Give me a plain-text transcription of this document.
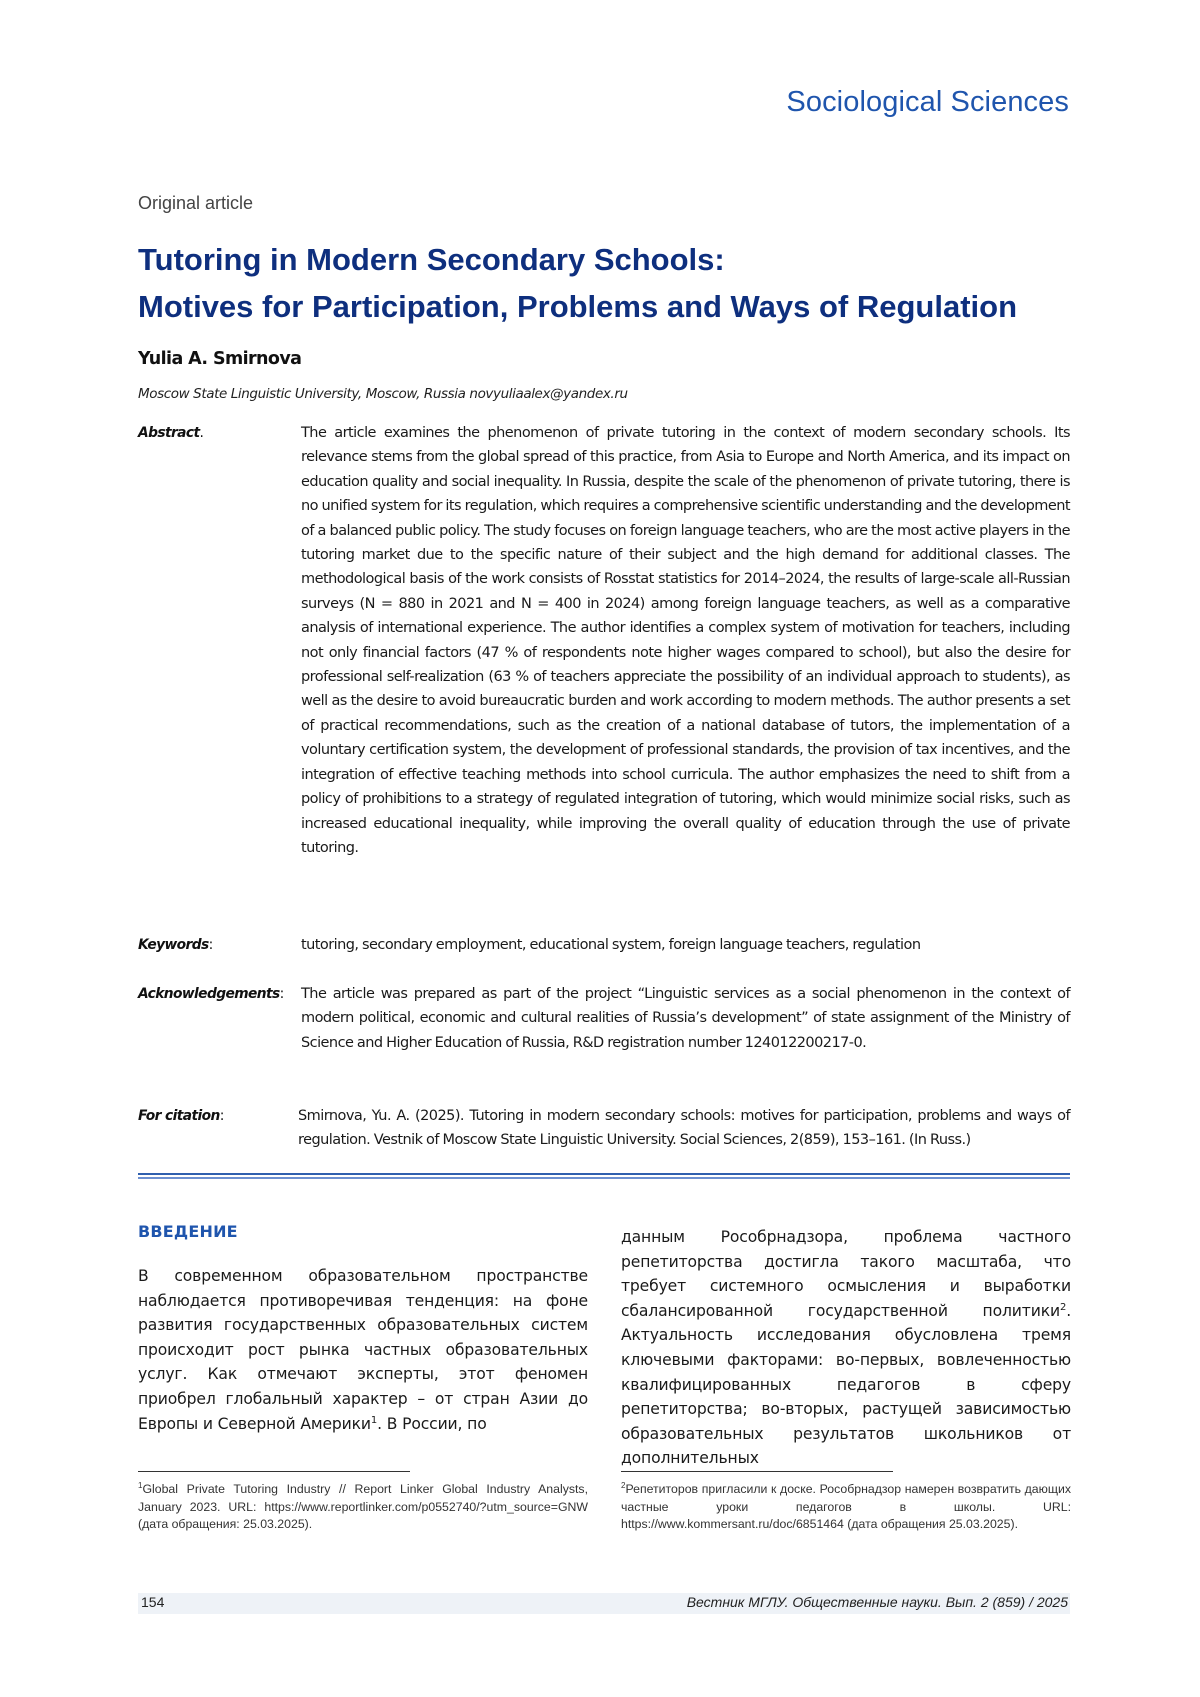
Sociological Sciences
Original article
Tutoring in Modern Secondary Schools:
Motives for Participation, Problems and Ways of Regulation
Yulia A. Smirnova
Moscow State Linguistic University, Moscow, Russia novyuliaalex@yandex.ru
Abstract.	The article examines the phenomenon of private tutoring in the context of modern secondary schools. Its relevance stems from the global spread of this practice, from Asia to Europe and North America, and its impact on education quality and social inequality. In Russia, despite the scale of the phenomenon of private tutoring, there is no unified system for its regulation, which requires a comprehensive scientific understanding and the development of a balanced public policy. The study focuses on foreign language teachers, who are the most active players in the tutoring market due to the specific nature of their subject and the high demand for additional classes. The methodological basis of the work consists of Rosstat statistics for 2014–2024, the results of large-scale all-Russian surveys (N = 880 in 2021 and N = 400 in 2024) among foreign language teachers, as well as a comparative analysis of international experience. The author identifies a complex system of motivation for teachers, including not only financial factors (47 % of respondents note higher wages compared to school), but also the desire for professional self-realization (63 % of teachers appreciate the possibility of an individual approach to students), as well as the desire to avoid bureaucratic burden and work according to modern methods. The author presents a set of practical recommendations, such as the creation of a national database of tutors, the implementation of a voluntary certification system, the development of professional standards, the provision of tax incentives, and the integration of effective teaching methods into school curricula. The author emphasizes the need to shift from a policy of prohibitions to a strategy of regulated integration of tutoring, which would minimize social risks, such as increased educational inequality, while improving the overall quality of education through the use of private tutoring.
Keywords:	tutoring, secondary employment, educational system, foreign language teachers, regulation
Acknowledgements: The article was prepared as part of the project “Linguistic services as a social phenomenon in the context of modern political, economic and cultural realities of Russia’s development” of state assignment of the Ministry of Science and Higher Education of Russia, R&D registration number 124012200217-0.
For citation:	Smirnova, Yu. A. (2025). Tutoring in modern secondary schools: motives for participation, problems and ways of regulation. Vestnik of Moscow State Linguistic University. Social Sciences, 2(859), 153–161. (In Russ.)
ВВЕДЕНИЕ

В современном образовательном пространстве наблюдается противоречивая тенденция: на фоне развития государственных образовательных систем происходит рост рынка частных образовательных услуг. Как отмечают эксперты, этот феномен приобрел глобальный характер – от стран Азии до Европы и Северной Америки$^1$. В России, по

данным Рособрнадзора, проблема частного репетиторства достигла такого масштаба, что требует системного осмысления и выработки сбалансированной государственной политики$^2$. Актуальность исследования обусловлена тремя ключевыми факторами: во-первых, вовлеченностью квалифицированных педагогов в сферу репетиторства; во-вторых, растущей зависимостью образовательных результатов школьников от дополнительных

$^1$Global Private Tutoring Industry // Report Linker Global Industry Analysts, January 2023. URL: https://www.reportlinker.com/p0552740/?utm_source=GNW (дата обращения: 25.03.2025).

$^2$Репетиторов пригласили к доске. Рособрнадзор намерен возвратить дающих частные уроки педагогов в школы. URL: https://www.kommersant.ru/doc/6851464 (дата обращения 25.03.2025).

154	Вестник МГЛУ. Общественные науки. Вып. 2 (859) / 2025
